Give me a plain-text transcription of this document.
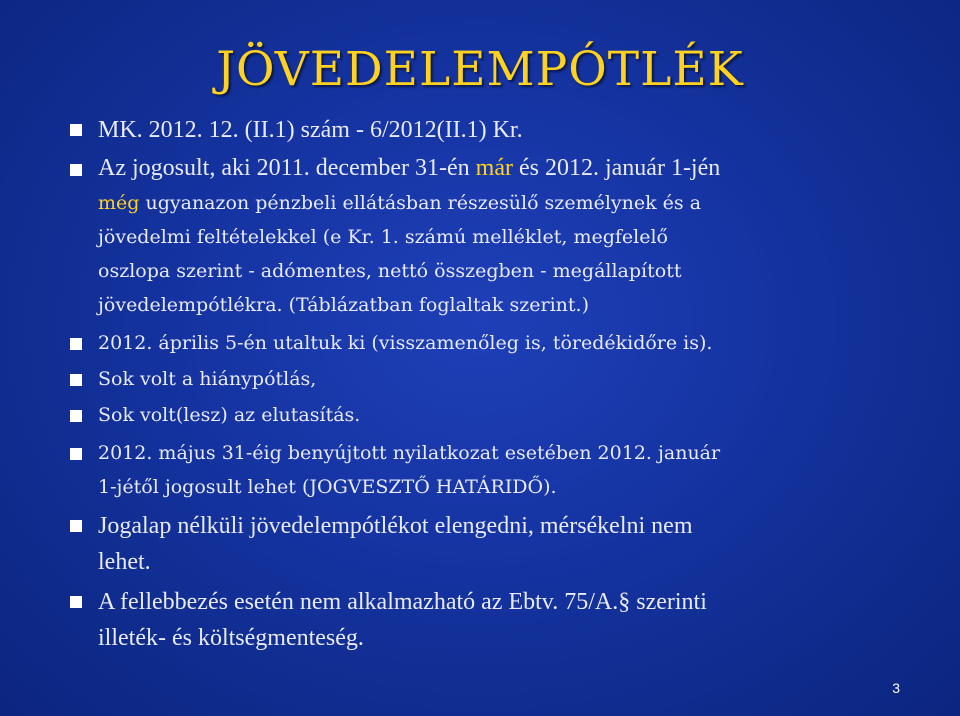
JÖVEDELEMPÓTLÉK
MK. 2012. 12. (II.1) szám - 6/2012(II.1) Kr.
Az jogosult, aki 2011. december 31-én már és 2012. január 1-jén
még ugyanazon pénzbeli ellátásban részesülő személynek és a
jövedelmi feltételekkel (e Kr. 1. számú melléklet, megfelelő
oszlopa szerint - adómentes, nettó összegben - megállapított
jövedelempótlékra. (Táblázatban foglaltak szerint.)
2012. április 5-én utaltuk ki (visszamenőleg is, töredékidőre is).
Sok volt a hiánypótlás,
Sok volt(lesz) az elutasítás.
2012. május 31-éig benyújtott nyilatkozat esetében 2012. január
1-jétől jogosult lehet (JOGVESZTŐ HATÁRIDŐ).
Jogalap nélküli jövedelempótlékot elengedni, mérsékelni nem
lehet.
A fellebbezés esetén nem alkalmazható az Ebtv. 75/A.§ szerinti
illeték- és költségmenteség.
3
